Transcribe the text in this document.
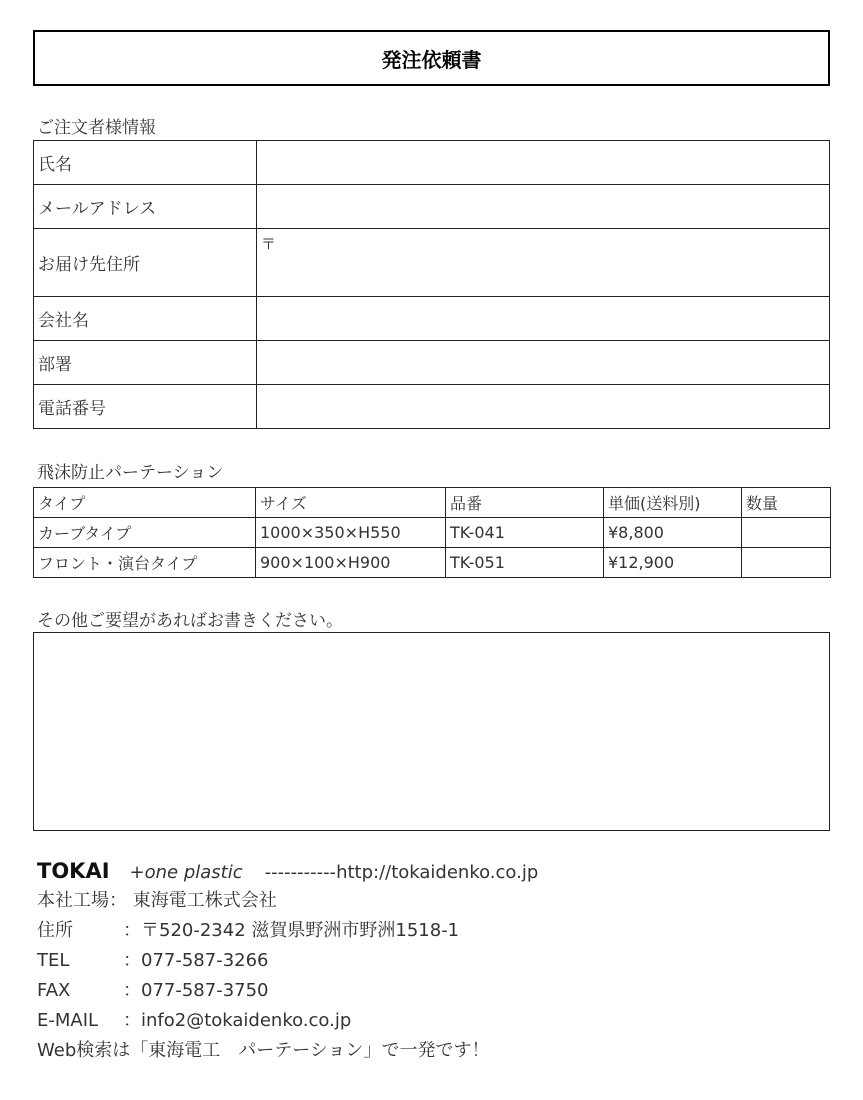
発注依頼書
ご注文者様情報
氏名	
メールアドレス	
お届け先住所	〒
会社名	
部署	
電話番号	
飛沫防止パーテーション
タイプ	サイズ	品番	単価(送料別)	数量
カーブタイプ	1000×350×H550	TK-041	¥8,800	
フロント・演台タイプ	900×100×H900	TK-051	¥12,900	
その他ご要望があればお書きください。
TOKAI +one plastic -----------http://tokaidenko.co.jp
本社工場： 東海電工株式会社
住所	：〒520-2342 滋賀県野洲市野洲1518-1
TEL	：077-587-3266
FAX	：077-587-3750
E-MAIL ：info2@tokaidenko.co.jp
Web検索は「東海電工　パーテーション」で一発です！
